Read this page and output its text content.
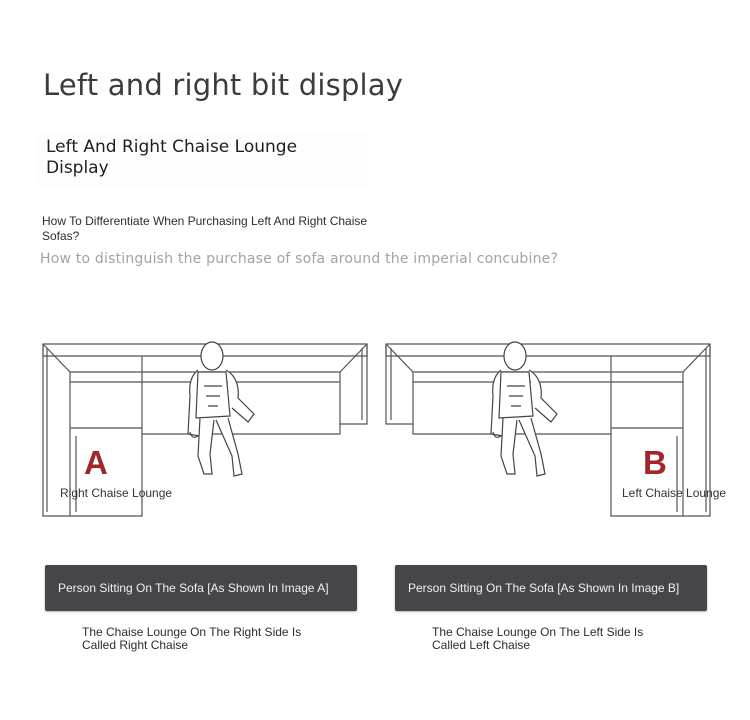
Left and right bit display
Left And Right Chaise Lounge Display
How To Differentiate When Purchasing Left And Right Chaise Sofas?
How to distinguish the purchase of sofa around the imperial concubine?
A
Right Chaise Lounge
B
Left Chaise Lounge
Person Sitting On The Sofa [As Shown In Image A]	Person Sitting On The Sofa [As Shown In Image B]
The Chaise Lounge On The Right Side Is Called Right Chaise
The Chaise Lounge On The Left Side Is Called Left Chaise
